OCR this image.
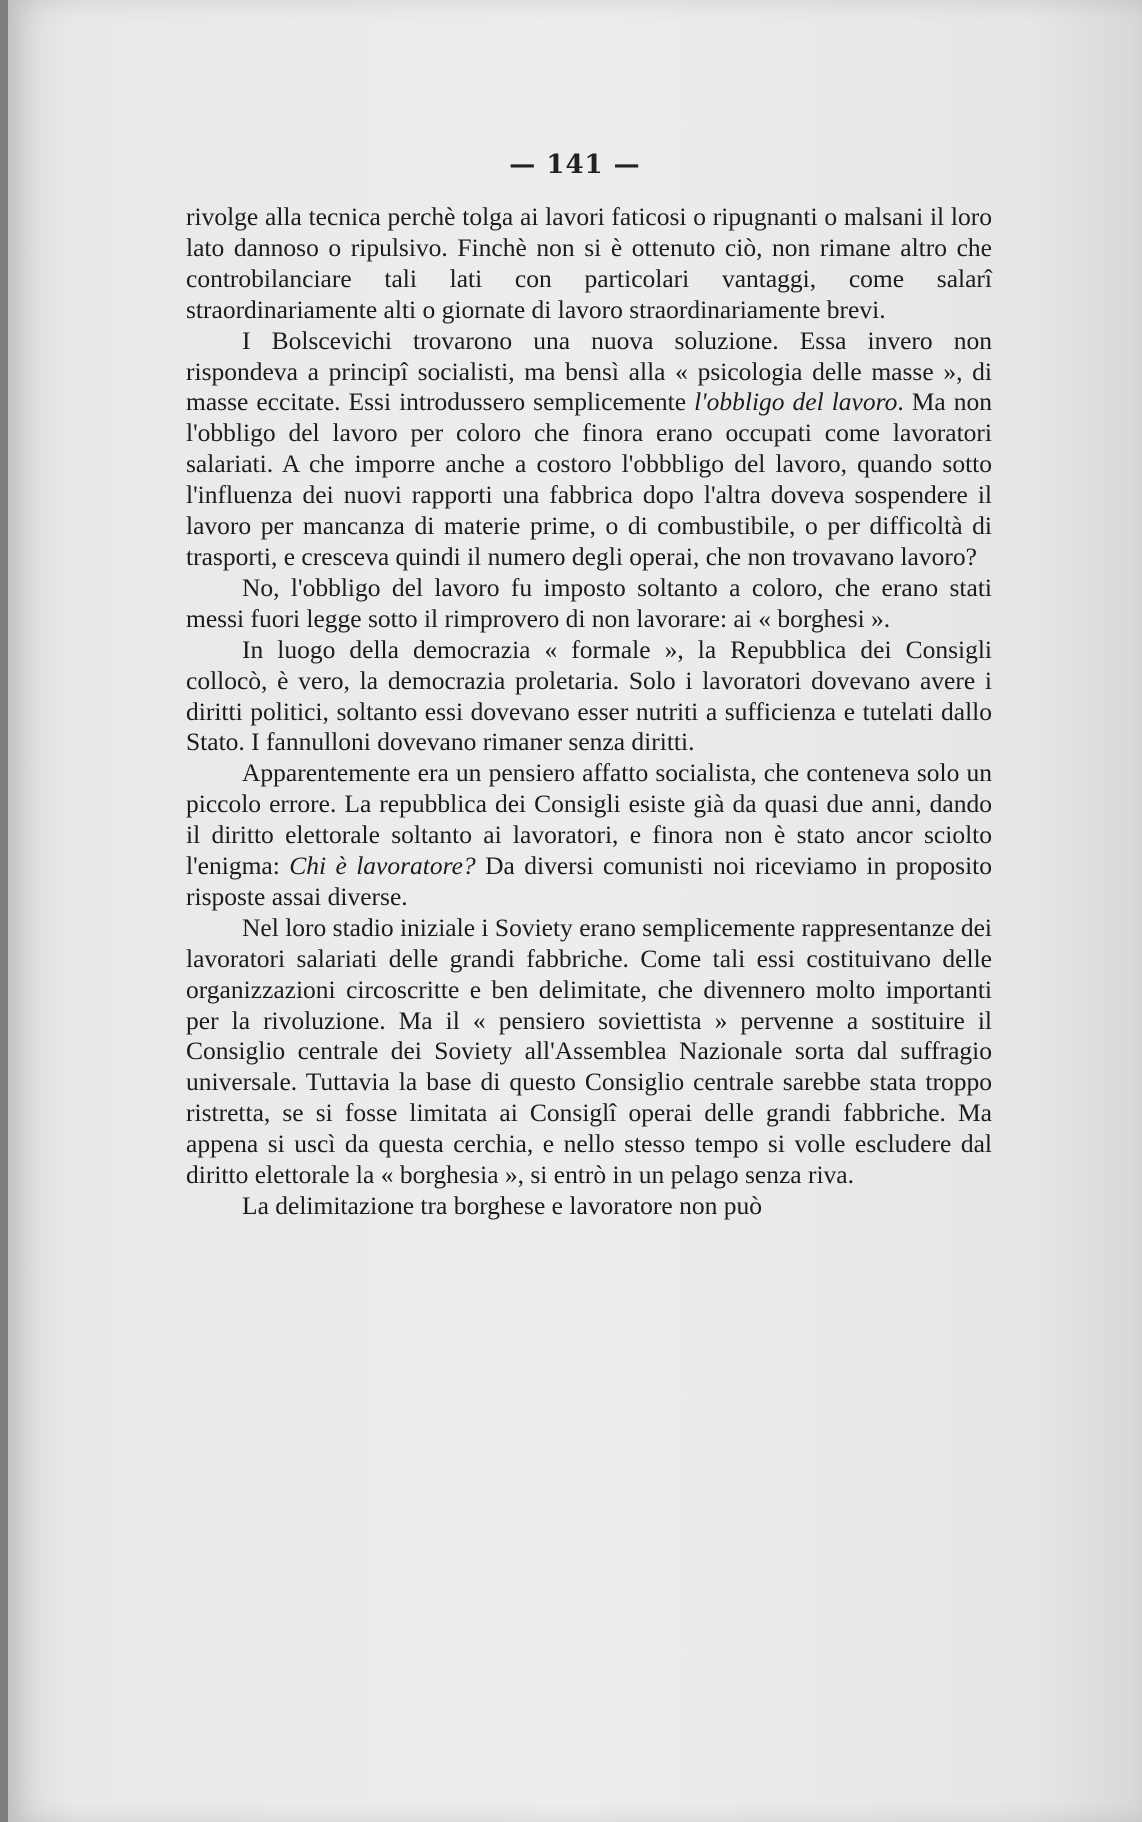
— 141 —

rivolge alla tecnica perchè tolga ai lavori faticosi o ripugnanti o malsani il loro lato dannoso o ripulsivo. Finchè non si è ottenuto ciò, non rimane altro che controbilanciare tali lati con particolari vantaggi, come salarî straordinariamente alti o giornate di lavoro straordinariamente brevi.

I Bolscevichi trovarono una nuova soluzione. Essa invero non rispondeva a principî socialisti, ma bensì alla « psicologia delle masse », di masse eccitate. Essi introdussero semplicemente l'obbligo del lavoro. Ma non l'obbligo del lavoro per coloro che finora erano occupati come lavoratori salariati. A che imporre anche a costoro l'obbbligo del lavoro, quando sotto l'influenza dei nuovi rapporti una fabbrica dopo l'altra doveva sospendere il lavoro per mancanza di materie prime, o di combustibile, o per difficoltà di trasporti, e cresceva quindi il numero degli operai, che non trovavano lavoro?

No, l'obbligo del lavoro fu imposto soltanto a coloro, che erano stati messi fuori legge sotto il rimprovero di non lavorare: ai « borghesi ».

In luogo della democrazia « formale », la Repubblica dei Consigli collocò, è vero, la democrazia proletaria. Solo i lavoratori dovevano avere i diritti politici, soltanto essi dovevano esser nutriti a sufficienza e tutelati dallo Stato. I fannulloni dovevano rimaner senza diritti.

Apparentemente era un pensiero affatto socialista, che conteneva solo un piccolo errore. La repubblica dei Consigli esiste già da quasi due anni, dando il diritto elettorale soltanto ai lavoratori, e finora non è stato ancor sciolto l'enigma: Chi è lavoratore? Da diversi comunisti noi riceviamo in proposito risposte assai diverse.

Nel loro stadio iniziale i Soviety erano semplicemente rappresentanze dei lavoratori salariati delle grandi fabbriche. Come tali essi costituivano delle organizzazioni circoscritte e ben delimitate, che divennero molto importanti per la rivoluzione. Ma il « pensiero soviettista » pervenne a sostituire il Consiglio centrale dei Soviety all'Assemblea Nazionale sorta dal suffragio universale. Tuttavia la base di questo Consiglio centrale sarebbe stata troppo ristretta, se si fosse limitata ai Consiglî operai delle grandi fabbriche. Ma appena si uscì da questa cerchia, e nello stesso tempo si volle escludere dal diritto elettorale la « borghesia », si entrò in un pelago senza riva.

La delimitazione tra borghese e lavoratore non può
